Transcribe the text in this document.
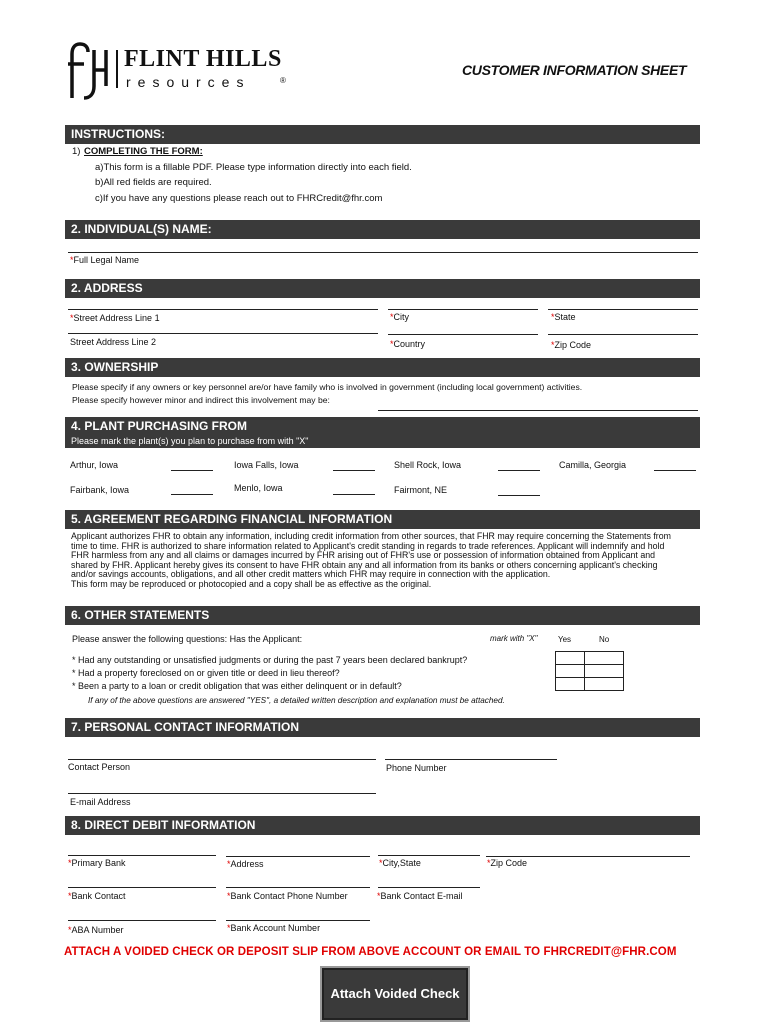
FLINT HILLS
resources	®
CUSTOMER INFORMATION SHEET
INSTRUCTIONS:
1) COMPLETING THE FORM:
a)This form is a fillable PDF. Please type information directly into each field.
b)All red fields are required.
c)If you have any questions please reach out to FHRCredit@fhr.com
2. INDIVIDUAL(S) NAME:
*Full Legal Name
2. ADDRESS
*Street Address Line 1	*City	*State
Street Address Line 2	*Country	*Zip Code
3. OWNERSHIP
Please specify if any owners or key personnel are/or have family who is involved in government (including local government) activities.
Please specify however minor and indirect this involvement may be:
4. PLANT PURCHASING FROM
Please mark the plant(s) you plan to purchase from with "X"
Arthur, Iowa	Iowa Falls, Iowa	Shell Rock, Iowa	Camilla, Georgia
Fairbank, Iowa	Menlo, Iowa	Fairmont, NE
5. AGREEMENT REGARDING FINANCIAL INFORMATION
Applicant authorizes FHR to obtain any information, including credit information from other sources, that FHR may require concerning the Statements from
time to time. FHR is authorized to share information related to Applicant's credit standing in regards to trade references. Applicant will indemnify and hold
FHR harmless from any and all claims or damages incurred by FHR arising out of FHR's use or possession of information obtained from Applicant and
shared by FHR. Applicant hereby gives its consent to have FHR obtain any and all information from its banks or others concerning applicant's checking
and/or savings accounts, obligations, and all other credit matters which FHR may require in connection with the application.
This form may be reproduced or photocopied and a copy shall be as effective as the original.
6. OTHER STATEMENTS
Please answer the following questions: Has the Applicant:	mark with "X"	Yes	No

* Had any outstanding or unsatisfied judgments or during the past 7 years been declared bankrupt?
* Had a property foreclosed on or given title or deed in lieu thereof?
* Been a party to a loan or credit obligation that was either delinquent or in default?
If any of the above questions are answered "YES", a detailed written description and explanation must be attached.
7. PERSONAL CONTACT INFORMATION
Contact Person	Phone Number
E-mail Address
8. DIRECT DEBIT INFORMATION
*Primary Bank	*Address	*City,State	*Zip Code
*Bank Contact	*Bank Contact Phone Number	*Bank Contact E-mail
*ABA Number	*Bank Account Number
ATTACH A VOIDED CHECK OR DEPOSIT SLIP FROM ABOVE ACCOUNT OR EMAIL TO FHRCREDIT@FHR.COM
Attach Voided Check
